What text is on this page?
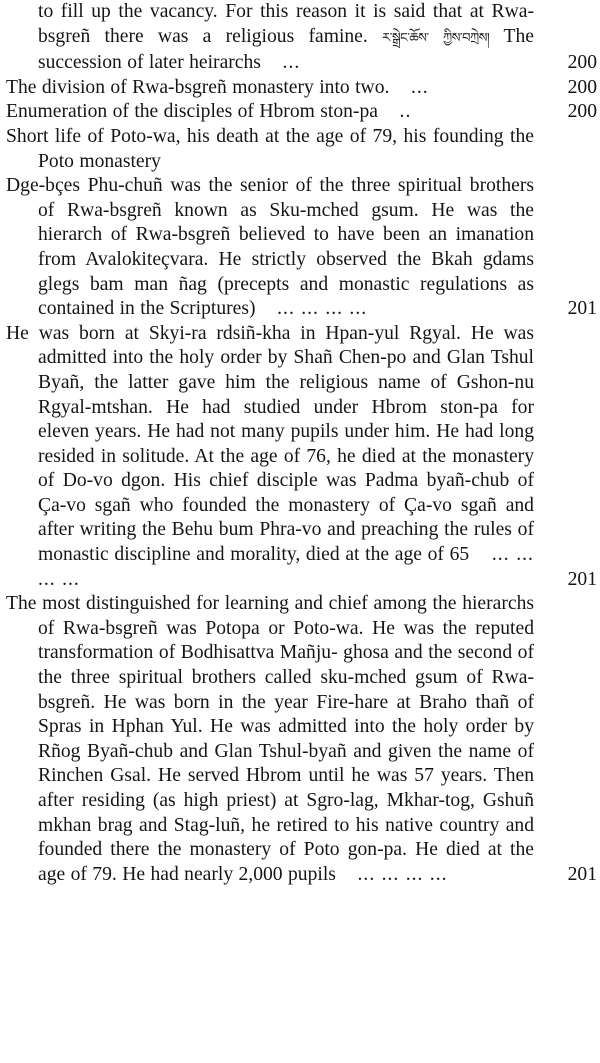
to fill up the vacancy. For this reason it is said that at Rwa-bsgreñ there was a religious famine. ར་སྒྲེང་ཆོས་ ཀྱིས་བཀྲེས། The succession of later heirarchs ...	200
The division of Rwa-bsgreñ monastery into two. ...	200
Enumeration of the disciples of Hbrom ston-pa ..	200
Short life of Poto-wa, his death at the age of 79, his founding the Poto monastery
Dge-bçes Phu-chuñ was the senior of the three spiritual brothers of Rwa-bsgreñ known as Sku-mched gsum. He was the hierarch of Rwa-bsgreñ believed to have been an imanation from Avalokiteçvara. He strictly observed the Bkah gdams glegs bam man ñag (precepts and monastic regulations as contained in the Scriptures) ... ... ... ...	201
He was born at Skyi-ra rdsiñ-kha in Hpan-yul Rgyal. He was admitted into the holy order by Shañ Chen-po and Glan Tshul Byañ, the latter gave him the religious name of Gshon-nu Rgyal-mtshan. He had studied under Hbrom ston-pa for eleven years. He had not many pupils under him. He had long resided in solitude. At the age of 76, he died at the monastery of Do-vo dgon. His chief disciple was Padma byañ-chub of Ça-vo sgañ who founded the monastery of Ça-vo sgañ and after writing the Behu bum Phra-vo and preaching the rules of monastic discipline and morality, died at the age of 65 ... ... ... ...	201
The most distinguished for learning and chief among the hierarchs of Rwa-bsgreñ was Potopa or Poto-wa. He was the reputed transformation of Bodhisattva Mañju- ghosa and the second of the three spiritual brothers called sku-mched gsum of Rwa-bsgreñ. He was born in the year Fire-hare at Braho thañ of Spras in Hphan Yul. He was admitted into the holy order by Rñog Byañ-chub and Glan Tshul-byañ and given the name of Rinchen Gsal. He served Hbrom until he was 57 years. Then after residing (as high priest) at Sgro-lag, Mkhar-tog, Gshuñ mkhan brag and Stag-luñ, he retired to his native country and founded there the monastery of Poto gon-pa. He died at the age of 79. He had nearly 2,000 pupils ... ... ... ...	201
